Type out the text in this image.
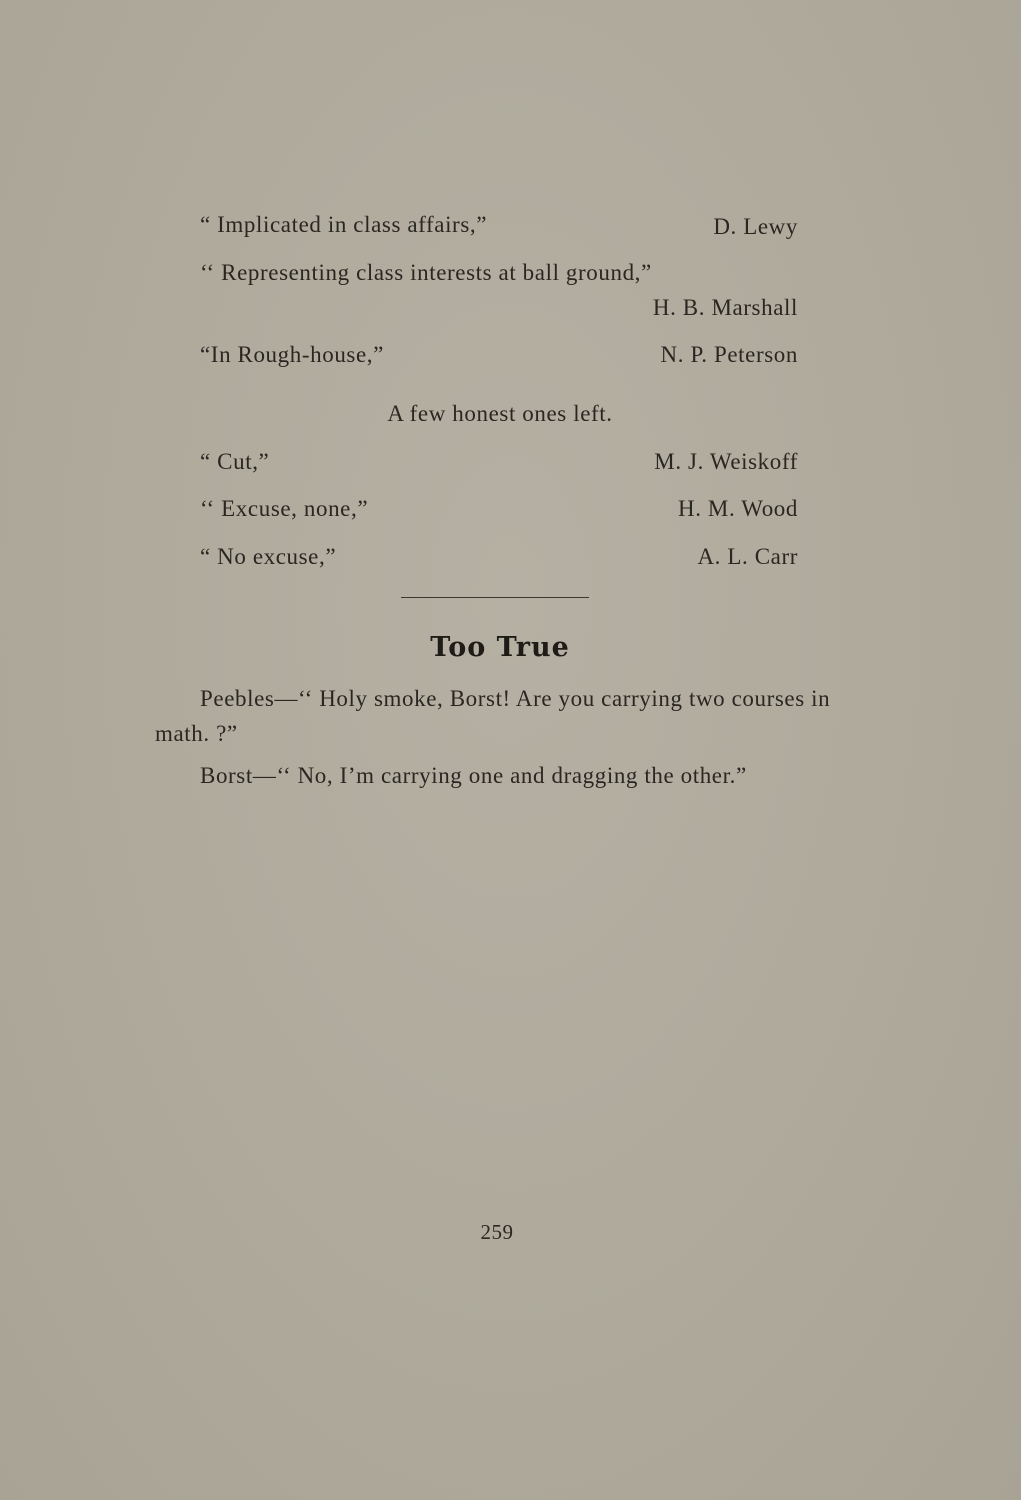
“ Implicated in class affairs,”	D. Lewy
‘‘ Representing class interests at ball ground,”
H. B. Marshall
“In Rough-house,”	N. P. Peterson
A few honest ones left.
“ Cut,”	M. J. Weiskoff
‘‘ Excuse, none,”	H. M. Wood
“ No excuse,”	A. L. Carr
Too True
Peebles—‘‘ Holy smoke, Borst! Are you carrying two courses in math. ?”
Borst—‘‘ No, I’m carrying one and dragging the other.”
259
